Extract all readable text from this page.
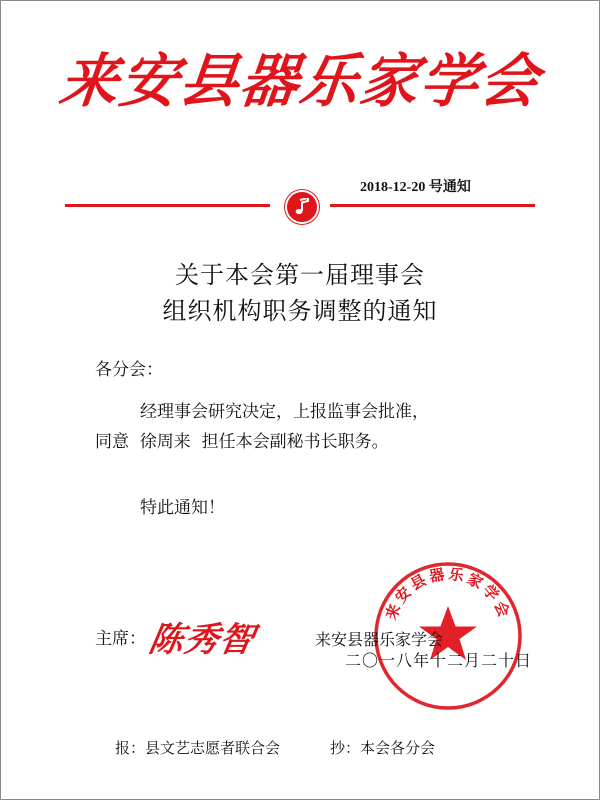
来安县器乐家学会
2018-12-20 号通知
关于本会第一届理事会
组织机构职务调整的通知
各分会：
经理事会研究决定，上报监事会批准，
同意  徐周来  担任本会副秘书长职务。
特此通知！
来安县器乐家学会
主席： 陈秀智	来安县器乐家学会
二〇一八年十二月二十日
报：县文艺志愿者联合会	抄：本会各分会
